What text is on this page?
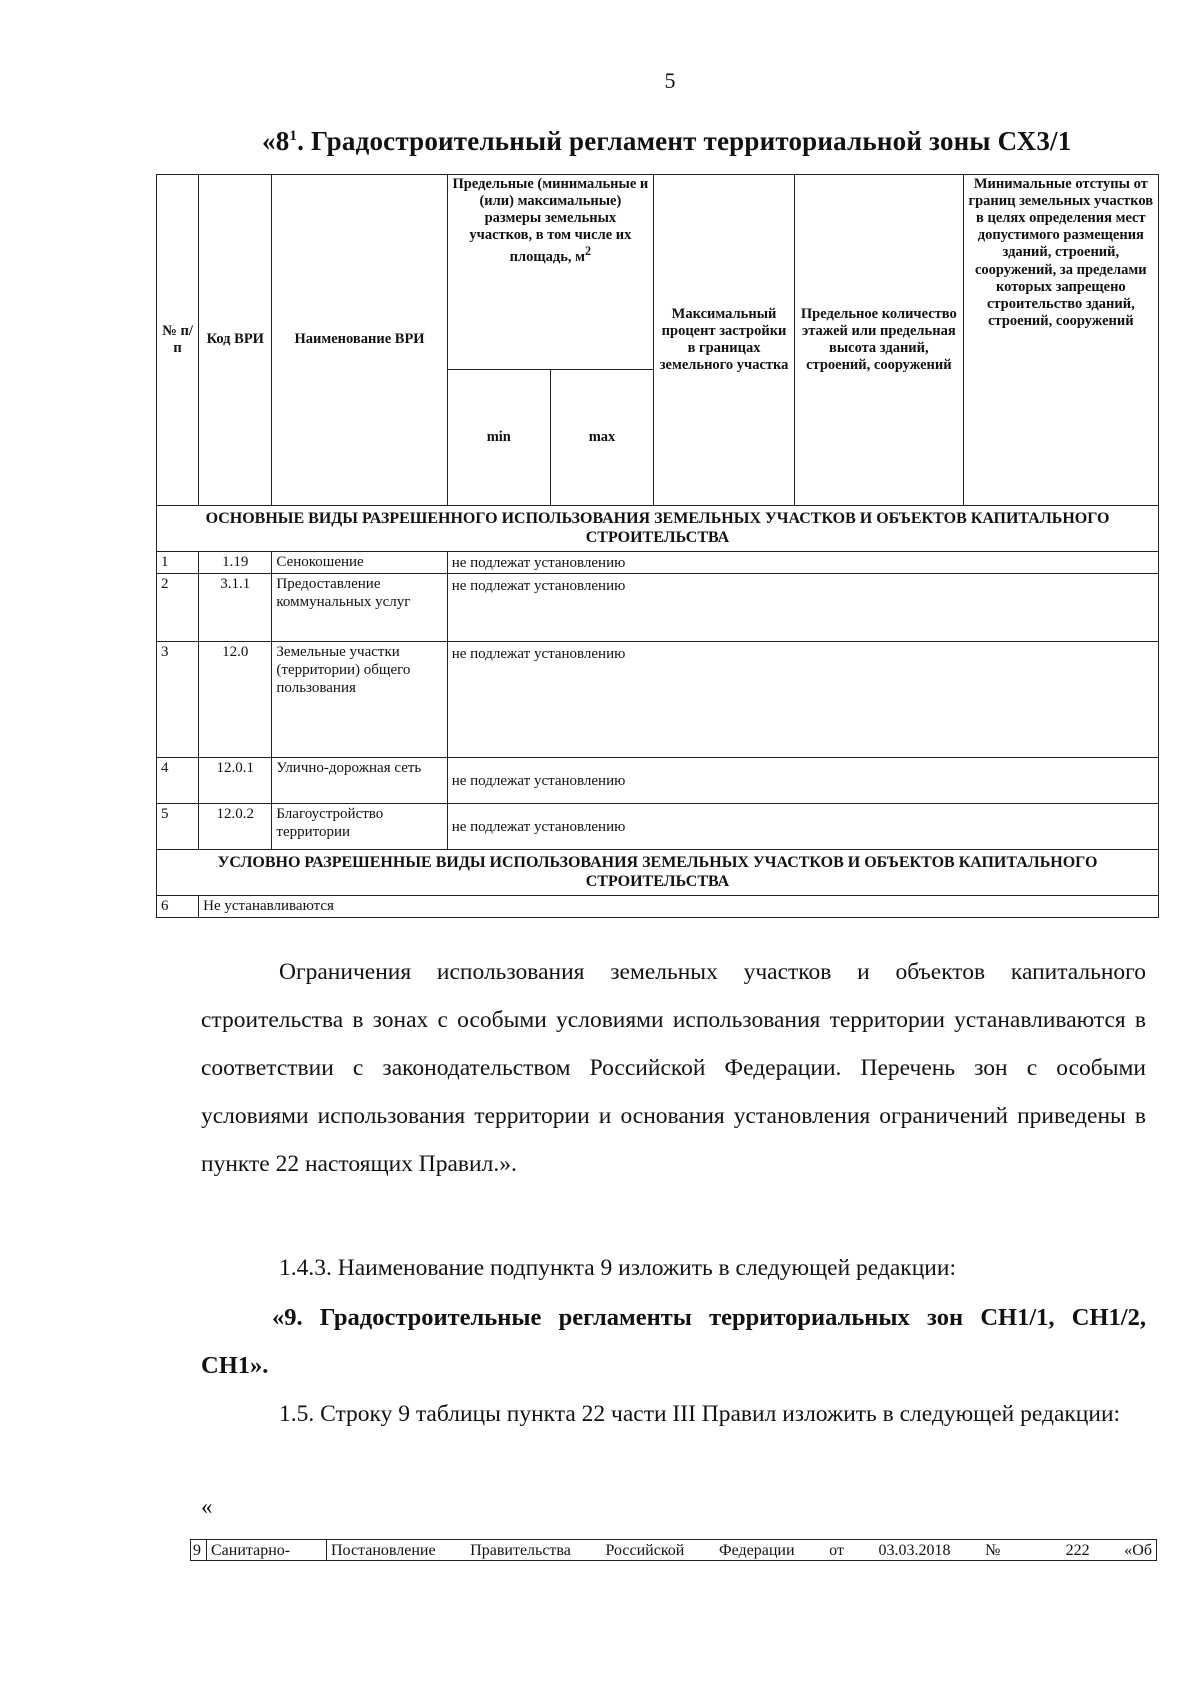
5
«$8^1$. Градостроительный регламент территориальной зоны СХ3/1
№ п/п	Код ВРИ	Наименование ВРИ	Предельные (минимальные и (или) максимальные) размеры земельных участков, в том числе их площадь, $м^2$		Максимальный процент застройки в границах земельного участка	Предельное количество этажей или предельная высота зданий, строений, сооружений	Минимальные отступы от границ земельных участков в целях определения мест допустимого размещения зданий, строений, сооружений, за пределами которых запрещено строительство зданий, строений, сооружений
			min	max			
ОСНОВНЫЕ ВИДЫ РАЗРЕШЕННОГО ИСПОЛЬЗОВАНИЯ ЗЕМЕЛЬНЫХ УЧАСТКОВ И ОБЪЕКТОВ КАПИТАЛЬНОГО СТРОИТЕЛЬСТВА							
1	1.19	Сенокошение	не подлежат установлению				
2	3.1.1	Предоставление коммунальных услуг	не подлежат установлению				
3	12.0	Земельные участки (территории) общего пользования	не подлежат установлению				
4	12.0.1	Улично-дорожная сеть	не подлежат установлению				
5	12.0.2	Благоустройство территории	не подлежат установлению				
УСЛОВНО РАЗРЕШЕННЫЕ ВИДЫ ИСПОЛЬЗОВАНИЯ ЗЕМЕЛЬНЫХ УЧАСТКОВ И ОБЪЕКТОВ КАПИТАЛЬНОГО СТРОИТЕЛЬСТВА							
6	Не устанавливаются						
Ограничения использования земельных участков и объектов капитального строительства в зонах с особыми условиями использования территории устанавливаются в соответствии с законодательством Российской Федерации. Перечень зон с особыми условиями использования территории и основания установления ограничений приведены в пункте 22 настоящих Правил.».
1.4.3. Наименование подпункта 9 изложить в следующей редакции:
«9. Градостроительные регламенты территориальных зон СН1/1, СН1/2, СН1».
1.5. Строку 9 таблицы пункта 22 части III Правил изложить в следующей редакции:
«
9	Санитарно-	Постановление Правительства Российской Федерации от 03.03.2018 № 222 «Об
